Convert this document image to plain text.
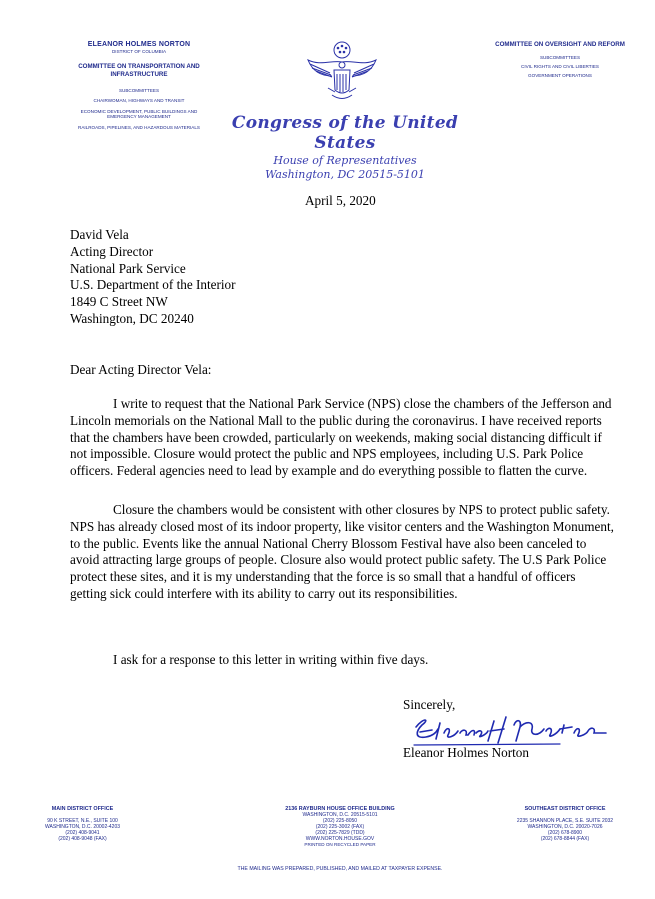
ELEANOR HOLMES NORTON
DISTRICT OF COLUMBIA
COMMITTEE ON TRANSPORTATION AND INFRASTRUCTURE
SUBCOMMITTEES
CHAIRWOMAN, HIGHWAYS AND TRANSIT
ECONOMIC DEVELOPMENT, PUBLIC BUILDINGS AND EMERGENCY MANAGEMENT
RAILROADS, PIPELINES, AND HAZARDOUS MATERIALS	Congress of the United States
House of Representatives
Washington, DC 20515-5101
COMMITTEE ON OVERSIGHT AND REFORM
SUBCOMMITTEES
CIVIL RIGHTS AND CIVIL LIBERTIES
GOVERNMENT OPERATIONS
April 5, 2020
David Vela
Acting Director
National Park Service
U.S. Department of the Interior
1849 C Street NW
Washington, DC 20240
Dear Acting Director Vela:
I write to request that the National Park Service (NPS) close the chambers of the Jefferson and Lincoln memorials on the National Mall to the public during the coronavirus. I have received reports that the chambers have been crowded, particularly on weekends, making social distancing difficult if not impossible. Closure would protect the public and NPS employees, including U.S. Park Police officers. Federal agencies need to lead by example and do everything possible to flatten the curve.
Closure the chambers would be consistent with other closures by NPS to protect public safety. NPS has already closed most of its indoor property, like visitor centers and the Washington Monument, to the public. Events like the annual National Cherry Blossom Festival have also been canceled to avoid attracting large groups of people. Closure also would protect public safety. The U.S Park Police protect these sites, and it is my understanding that the force is so small that a handful of officers getting sick could interfere with its ability to carry out its responsibilities.
I ask for a response to this letter in writing within five days.
Sincerely,
Eleanor Holmes Norton
MAIN DISTRICT OFFICE
90 K STREET, N.E., SUITE 100
WASHINGTON, D.C. 20002-4203
(202) 408-9041
(202) 408-9048 (FAX)
2136 RAYBURN HOUSE OFFICE BUILDING
WASHINGTON, D.C. 20515-5101
(202) 225-8050
(202) 225-3002 (FAX)
(202) 225-7829 (TDD)
WWW.NORTON.HOUSE.GOV
PRINTED ON RECYCLED PAPER
SOUTHEAST DISTRICT OFFICE
2235 SHANNON PLACE, S.E. SUITE 2032
WASHINGTON, D.C. 20020-7026
(202) 678-8900
(202) 678-8844 (FAX)
THE MAILING WAS PREPARED, PUBLISHED, AND MAILED AT TAXPAYER EXPENSE.
